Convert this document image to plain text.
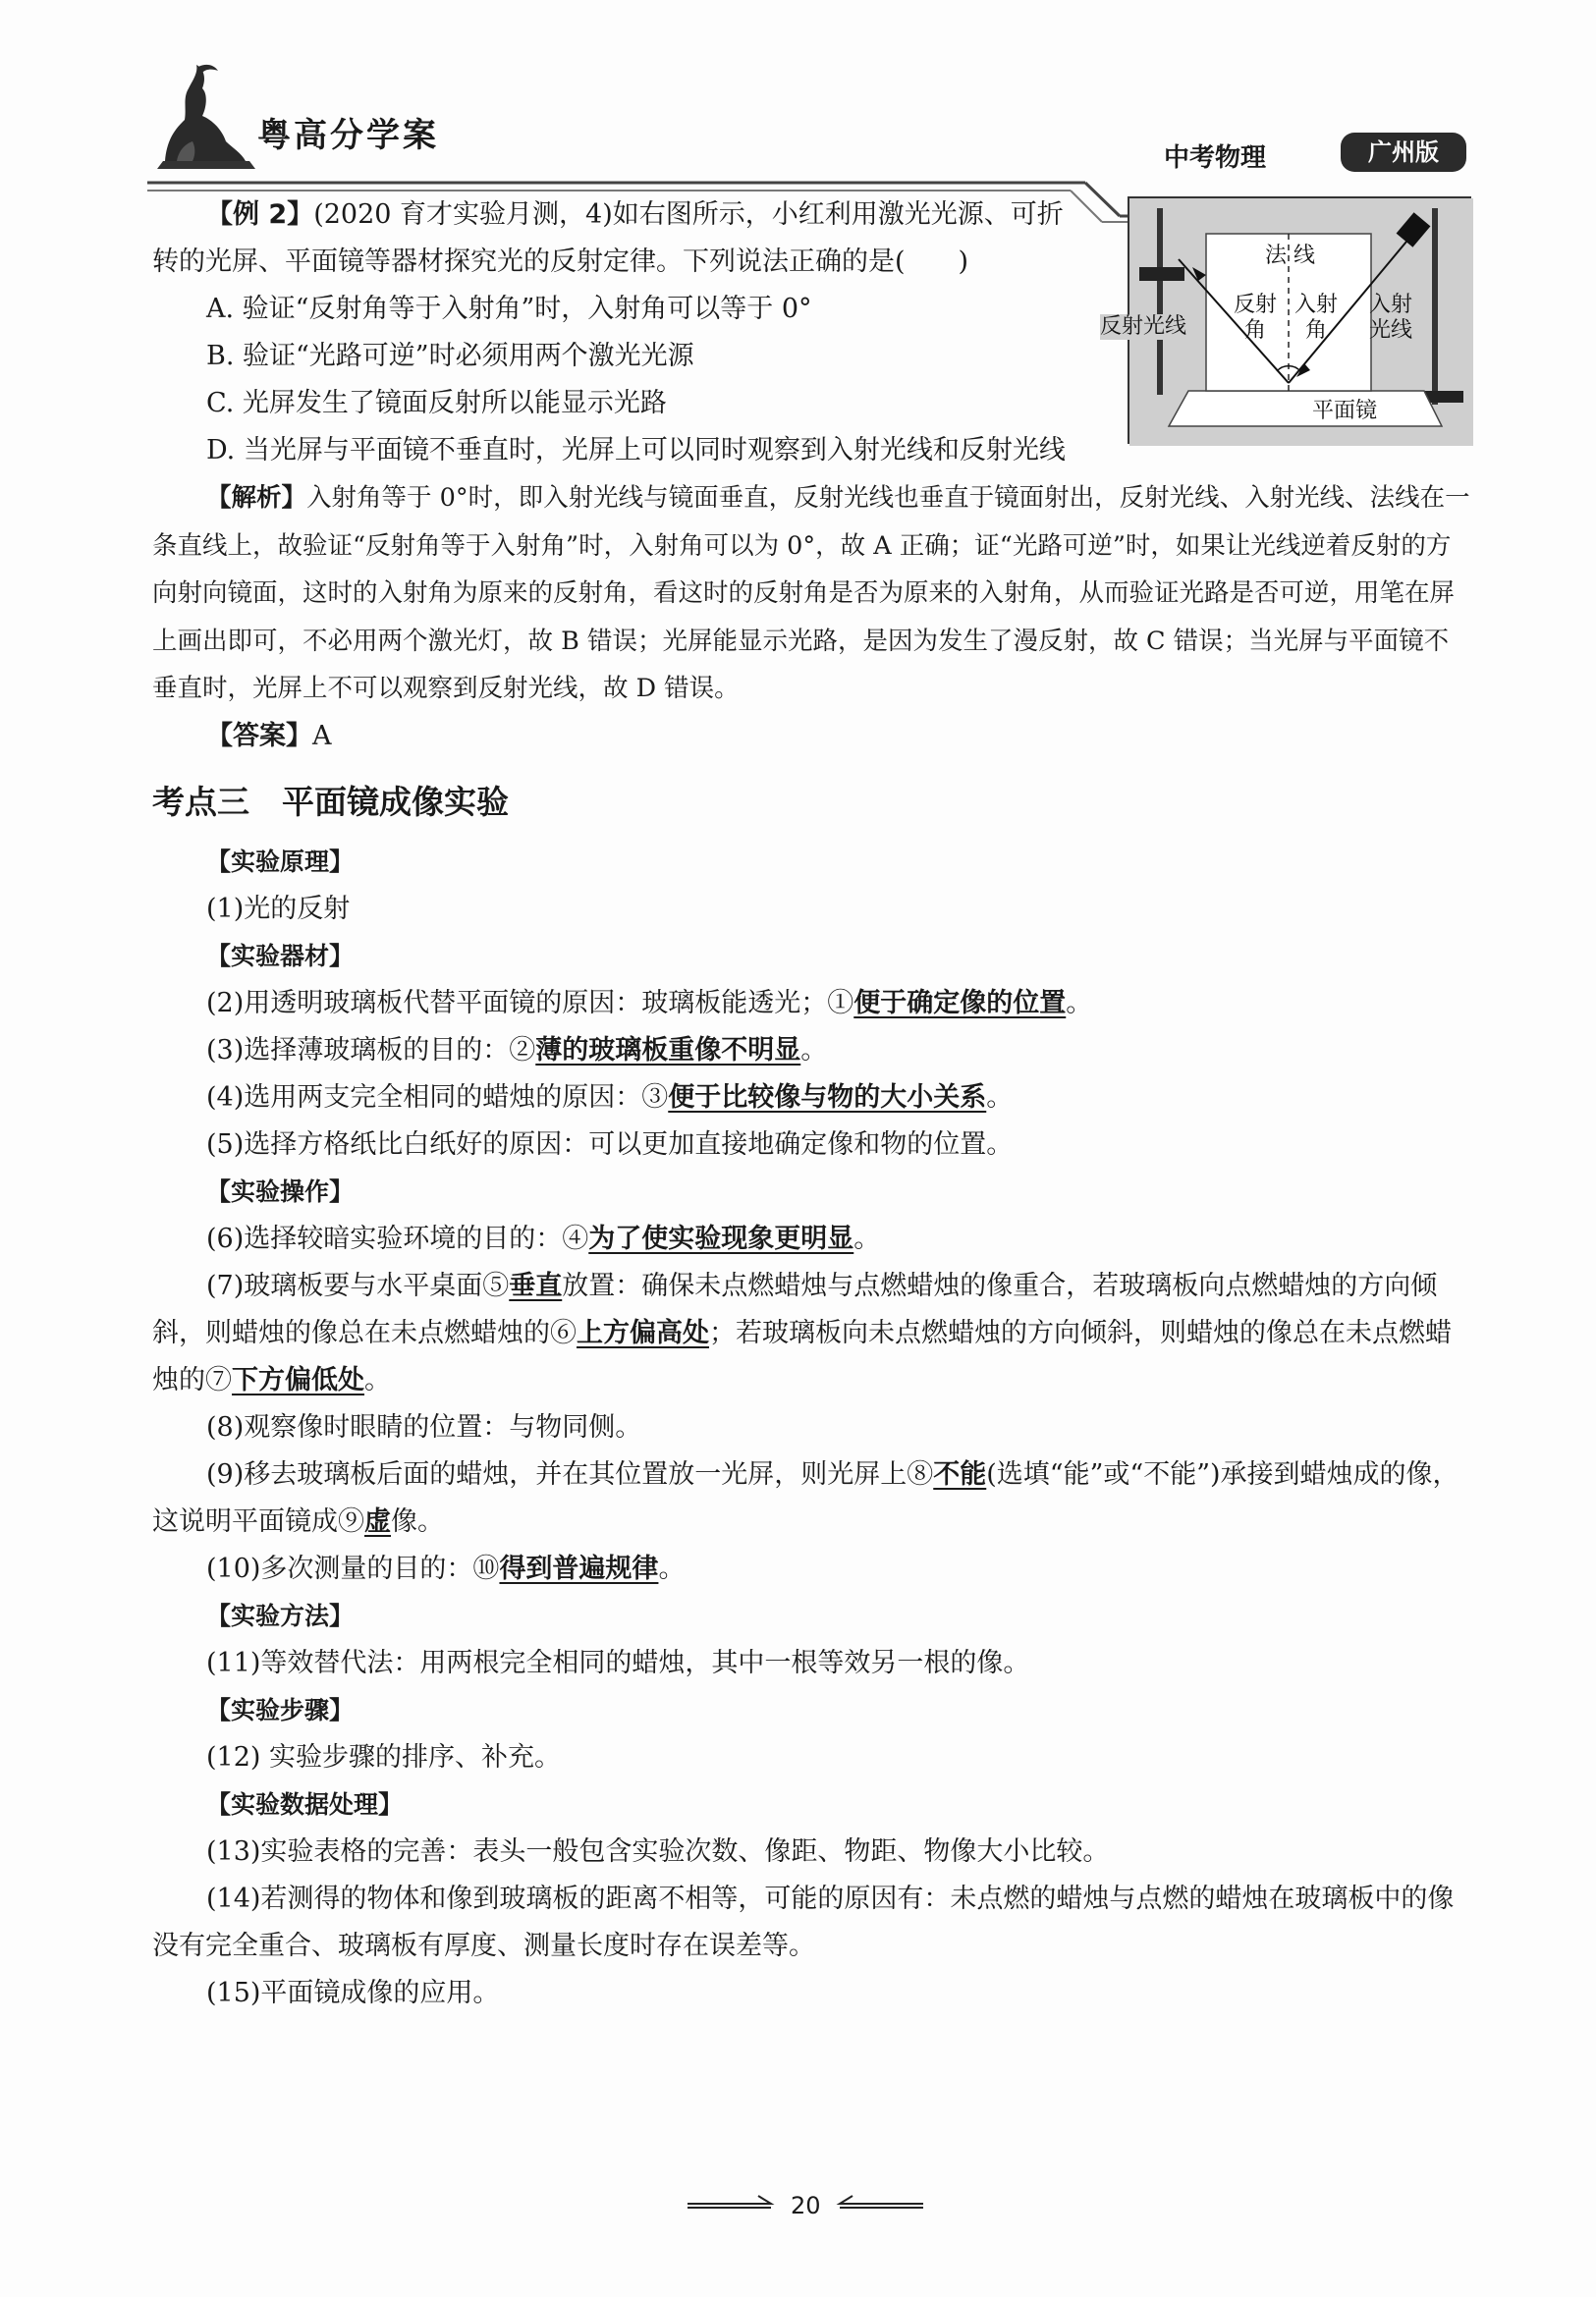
粤高分学案
中考物理	广州版
法 线
反射 角
入射 角
反射光线
入射 光线
平面镜
【例 2】(2020 育才实验月测，4)如右图所示，小红利用激光光源、可折转的光屏、平面镜等器材探究光的反射定律。下列说法正确的是(　　)
A. 验证“反射角等于入射角”时，入射角可以等于 0°
B. 验证“光路可逆”时必须用两个激光光源
C. 光屏发生了镜面反射所以能显示光路
D. 当光屏与平面镜不垂直时，光屏上可以同时观察到入射光线和反射光线
【解析】入射角等于 0°时，即入射光线与镜面垂直，反射光线也垂直于镜面射出，反射光线、入射光线、法线在一条直线上，故验证“反射角等于入射角”时，入射角可以为 0°，故 A 正确；证“光路可逆”时，如果让光线逆着反射的方向射向镜面，这时的入射角为原来的反射角，看这时的反射角是否为原来的入射角，从而验证光路是否可逆，用笔在屏上画出即可，不必用两个激光灯，故 B 错误；光屏能显示光路，是因为发生了漫反射，故 C 错误；当光屏与平面镜不垂直时，光屏上不可以观察到反射光线，故 D 错误。
【答案】A
考点三　平面镜成像实验
【实验原理】
(1)光的反射
【实验器材】
(2)用透明玻璃板代替平面镜的原因：玻璃板能透光；①便于确定像的位置。
(3)选择薄玻璃板的目的：②薄的玻璃板重像不明显。
(4)选用两支完全相同的蜡烛的原因：③便于比较像与物的大小关系。
(5)选择方格纸比白纸好的原因：可以更加直接地确定像和物的位置。
【实验操作】
(6)选择较暗实验环境的目的：④为了使实验现象更明显。
(7)玻璃板要与水平桌面⑤垂直放置：确保未点燃蜡烛与点燃蜡烛的像重合，若玻璃板向点燃蜡烛的方向倾斜，则蜡烛的像总在未点燃蜡烛的⑥上方偏高处；若玻璃板向未点燃蜡烛的方向倾斜，则蜡烛的像总在未点燃蜡烛的⑦下方偏低处。
(8)观察像时眼睛的位置：与物同侧。
(9)移去玻璃板后面的蜡烛，并在其位置放一光屏，则光屏上⑧不能(选填“能”或“不能”)承接到蜡烛成的像，这说明平面镜成⑨虚像。
(10)多次测量的目的：⑩得到普遍规律。
【实验方法】
(11)等效替代法：用两根完全相同的蜡烛，其中一根等效另一根的像。
【实验步骤】
(12) 实验步骤的排序、补充。
【实验数据处理】
(13)实验表格的完善：表头一般包含实验次数、像距、物距、物像大小比较。
(14)若测得的物体和像到玻璃板的距离不相等，可能的原因有：未点燃的蜡烛与点燃的蜡烛在玻璃板中的像没有完全重合、玻璃板有厚度、测量长度时存在误差等。
(15)平面镜成像的应用。
20
